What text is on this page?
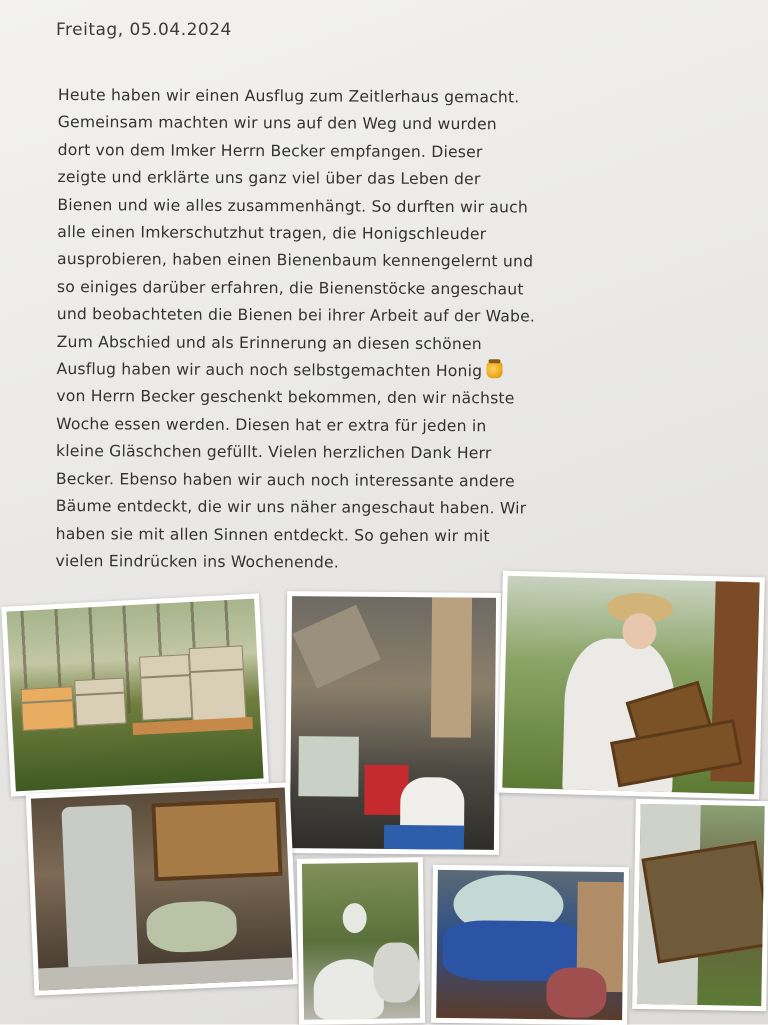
Freitag, 05.04.2024
Heute haben wir einen Ausflug zum Zeitlerhaus gemacht.
Gemeinsam machten wir uns auf den Weg und wurden
dort von dem Imker Herrn Becker empfangen. Dieser
zeigte und erklärte uns ganz viel über das Leben der
Bienen und wie alles zusammenhängt. So durften wir auch
alle einen Imkerschutzhut tragen, die Honigschleuder
ausprobieren, haben einen Bienenbaum kennengelernt und
so einiges darüber erfahren, die Bienenstöcke angeschaut
und beobachteten die Bienen bei ihrer Arbeit auf der Wabe.
Zum Abschied und als Erinnerung an diesen schönen
Ausflug haben wir auch noch selbstgemachten Honig
von Herrn Becker geschenkt bekommen, den wir nächste
Woche essen werden. Diesen hat er extra für jeden in
kleine Gläschchen gefüllt. Vielen herzlichen Dank Herr
Becker. Ebenso haben wir auch noch interessante andere
Bäume entdeckt, die wir uns näher angeschaut haben. Wir
haben sie mit allen Sinnen entdeckt. So gehen wir mit
vielen Eindrücken ins Wochenende.
